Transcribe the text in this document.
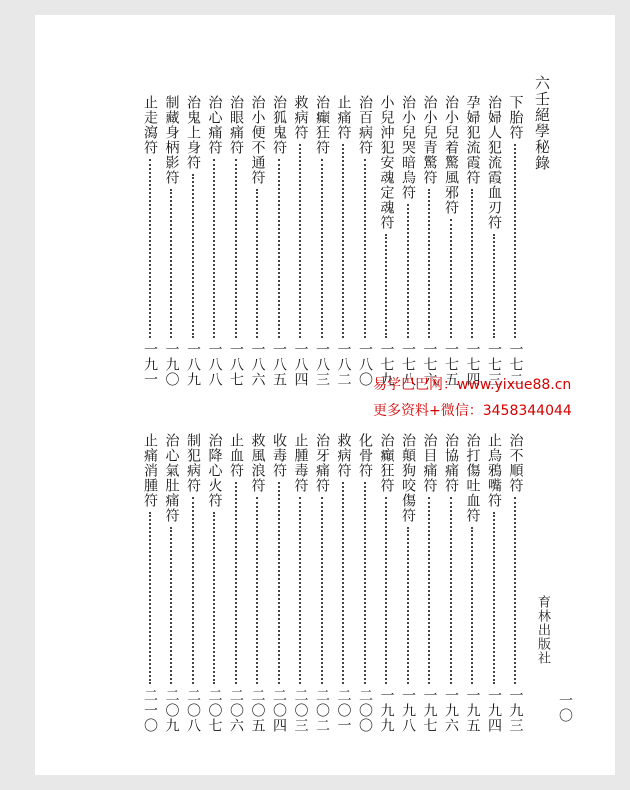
六壬絕學秘錄
育林出版社
一〇
下胎符
一七二
治婦人犯流霞血刃符
一七三
孕婦犯流霞符
一七四
治小兒着驚風邪符
一七五
治小兒青驚符
一七六
治小兒哭暗烏符
一七八
小兒沖犯安魂定魂符
一七九
治百病符
一八〇
止痛符
一八二
治癲狂符
一八三
救病符
一八四
治狐鬼符
一八五
治小便不通符
一八六
治眼痛符
一八七
治心痛符
一八八
治鬼上身符
一八九
制藏身柄影符
一九〇
止走瀉符
一九一
治不順符
一九三
止烏鴉嘴符
一九四
治打傷吐血符
一九五
治協痛符
一九六
治目痛符
一九七
治顛狗咬傷符
一九八
治癲狂符
一九九
化骨符
二〇〇
救病符
二〇一
治牙痛符
二〇二
止腫毒符
二〇三
收毒符
二〇四
救風浪符
二〇五
止血符
二〇六
治降心火符
二〇七
制犯病符
二〇八
治心氣肚痛符
二〇九
止痛消腫符
二一〇
易学巴巴网：www.yixue88.cn
更多资料+微信：3458344044
